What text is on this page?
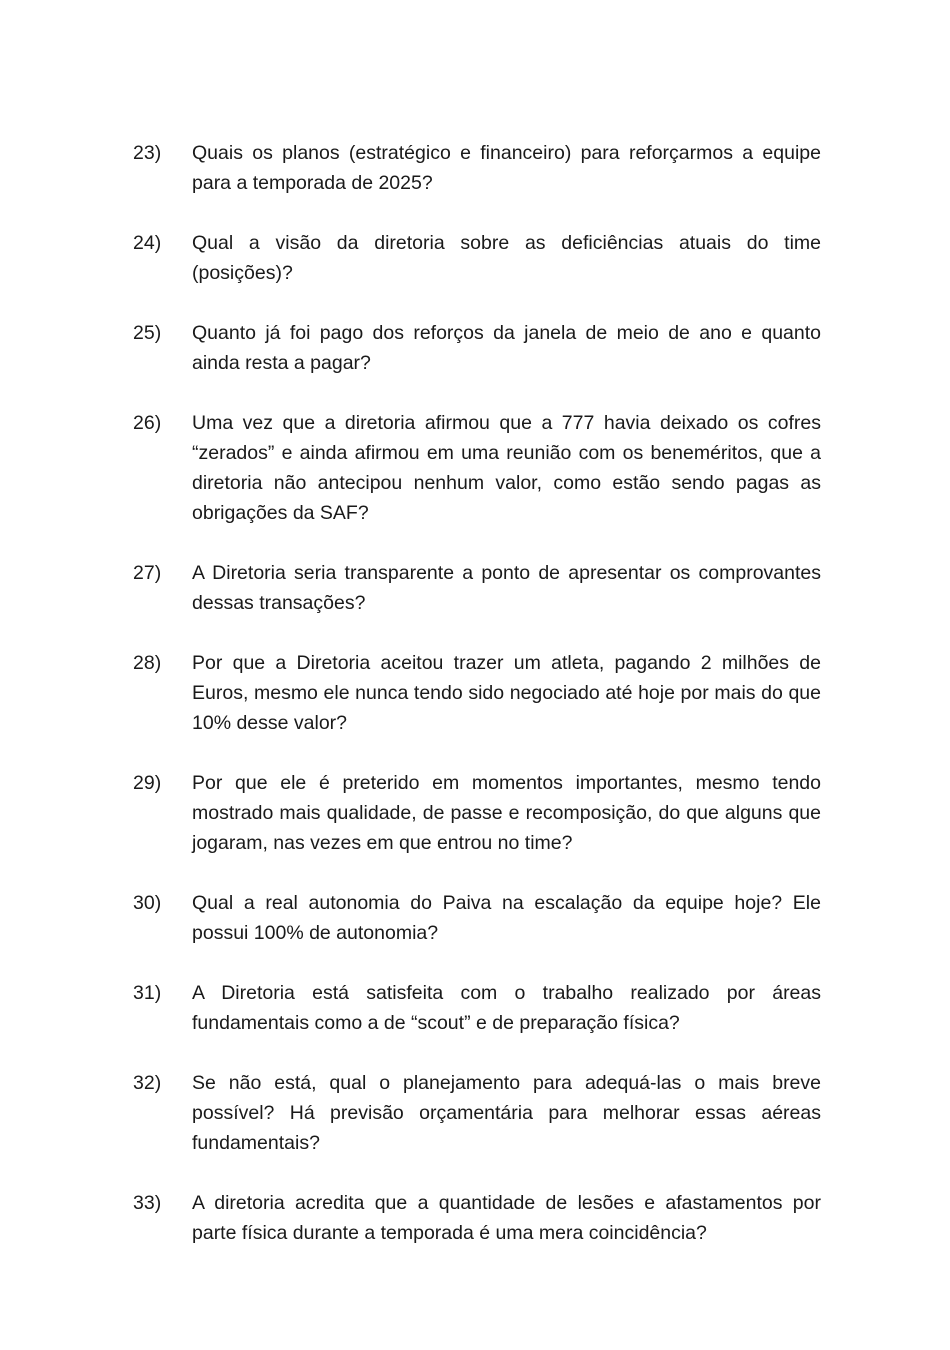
23)	Quais os planos (estratégico e financeiro) para reforçarmos a equipe para a temporada de 2025?
24)	Qual a visão da diretoria sobre as deficiências atuais do time (posições)?
25)	Quanto já foi pago dos reforços da janela de meio de ano e quanto ainda resta a pagar?
26)	Uma vez que a diretoria afirmou que a 777 havia deixado os cofres “zerados” e ainda afirmou em uma reunião com os beneméritos, que a diretoria não antecipou nenhum valor, como estão sendo pagas as obrigações da SAF?
27)	A Diretoria seria transparente a ponto de apresentar os comprovantes dessas transações?
28)	Por que a Diretoria aceitou trazer um atleta, pagando 2 milhões de Euros, mesmo ele nunca tendo sido negociado até hoje por mais do que 10% desse valor?
29)	Por que ele é preterido em momentos importantes, mesmo tendo mostrado mais qualidade, de passe e recomposição, do que alguns que jogaram, nas vezes em que entrou no time?
30)	Qual a real autonomia do Paiva na escalação da equipe hoje? Ele possui 100% de autonomia?
31)	A Diretoria está satisfeita com o trabalho realizado por áreas fundamentais como a de “scout” e de preparação física?
32)	Se não está, qual o planejamento para adequá-las o mais breve possível? Há previsão orçamentária para melhorar essas aéreas fundamentais?
33)	A diretoria acredita que a quantidade de lesões e afastamentos por parte física durante a temporada é uma mera coincidência?
